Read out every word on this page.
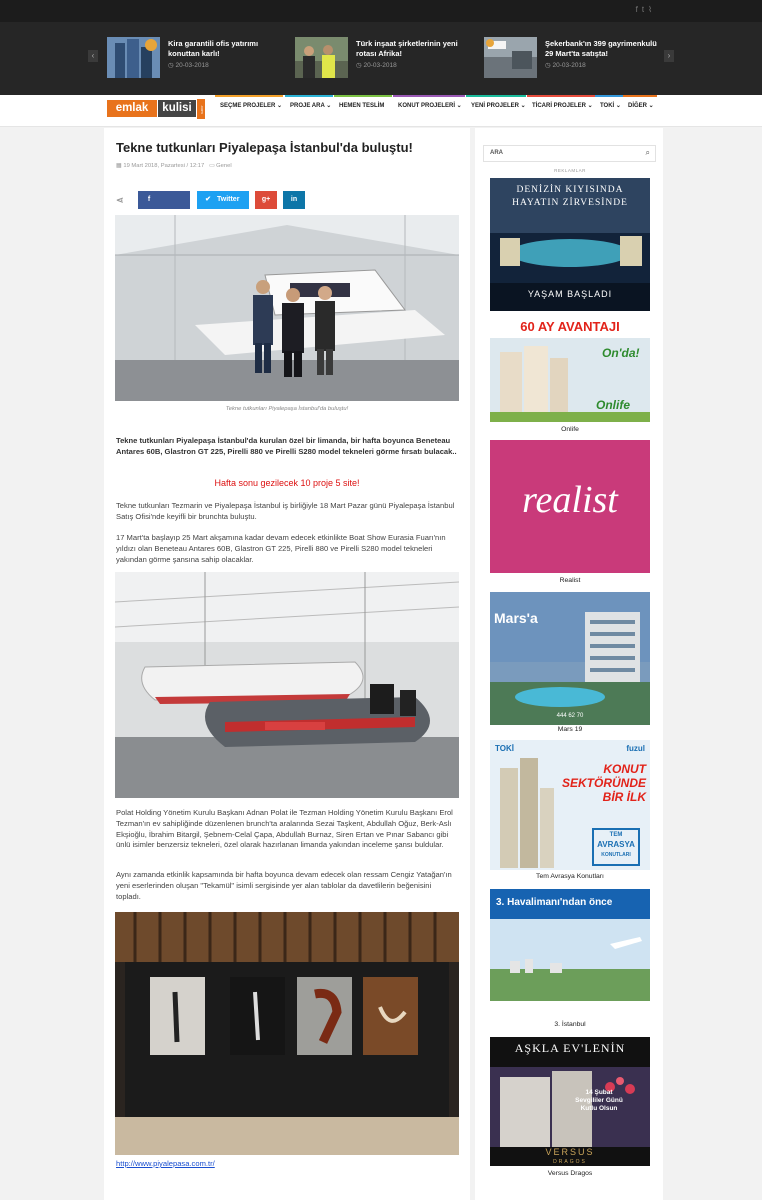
ft⌇
‹	›
Kira garantili ofis yatırımı konuttan karlı!
◷ 20-03-2018
Türk inşaat şirketlerinin yeni rotası Afrika!
◷ 20-03-2018
Şekerbank'ın 399 gayrimenkulü 29 Mart'ta satışta!
◷ 20-03-2018
emlak	kulisi	.com	SEÇME PROJELER ⌄	PROJE ARA ⌄	HEMEN TESLİM	KONUT PROJELERİ ⌄	YENİ PROJELER ⌄	TİCARİ PROJELER ⌄	TOKİ ⌄	DİĞER ⌄
Tekne tutkunları Piyalepaşa İstanbul'da buluştu!
▦ 19 Mart 2018, Pazartesi / 12:17 ▭ Genel
⋖	f	✔ Twitter	g+	in
Tekne tutkunları Piyalepaşa İstanbul'da buluştu!
Tekne tutkunları Piyalepaşa İstanbul'da kurulan özel bir limanda, bir hafta boyunca Beneteau Antares 60B, Glastron GT 225, Pirelli 880 ve Pirelli S280 model tekneleri görme fırsatı bulacak..
Hafta sonu gezilecek 10 proje 5 site!
Tekne tutkunları Tezmarin ve Piyalepaşa İstanbul iş birliğiyle 18 Mart Pazar günü Piyalepaşa İstanbul Satış Ofisi'nde keyifli bir brunchta buluştu.
17 Mart'ta başlayıp 25 Mart akşamına kadar devam edecek etkinlikte Boat Show Eurasia Fuarı'nın yıldızı olan Beneteau Antares 60B, Glastron GT 225, Pirelli 880 ve Pirelli S280 model tekneleri yakından görme şansına sahip olacaklar.
Polat Holding Yönetim Kurulu Başkanı Adnan Polat ile Tezman Holding Yönetim Kurulu Başkanı Erol Tezman'ın ev sahipliğinde düzenlenen brunch'ta aralarında Sezai Taşkent, Abdullah Oğuz, Berk-Aslı Ekşioğlu, İbrahim Bitargil, Şebnem-Celal Çapa, Abdullah Burnaz, Siren Ertan ve Pınar Sabancı gibi ünlü isimler benzersiz tekneleri, özel olarak hazırlanan limanda yakından inceleme şansı buldular.
Aynı zamanda etkinlik kapsamında bir hafta boyunca devam edecek olan ressam Cengiz Yatağan'ın yeni eserlerinden oluşan "Tekamül" isimli sergisinde yer alan tablolar da davetlilerin beğenisini topladı.
http://www.piyalepasa.com.tr/
ARA	⌕
REKLAMLAR
DENİZİN KIYISINDA
HAYATIN ZİRVESİNDE
YAŞAM BAŞLADI
60 AY AVANTAJI
On'da!
Onlife
Onlife
realist
Realist
Mars'a
444 62 70
Mars 19
TOKİ	fuzul
KONUT
SEKTÖRÜNDE
BİR İLK
TEM
AVRASYA
KONUTLARI
Tem Avrasya Konutları
3. Havalimanı'ndan önce
3. İstanbul
AŞKLA EV'LENİN
14 Şubat
Sevgililer Günü
Kutlu Olsun
VERSUS
DRAGOS
Versus Dragos
